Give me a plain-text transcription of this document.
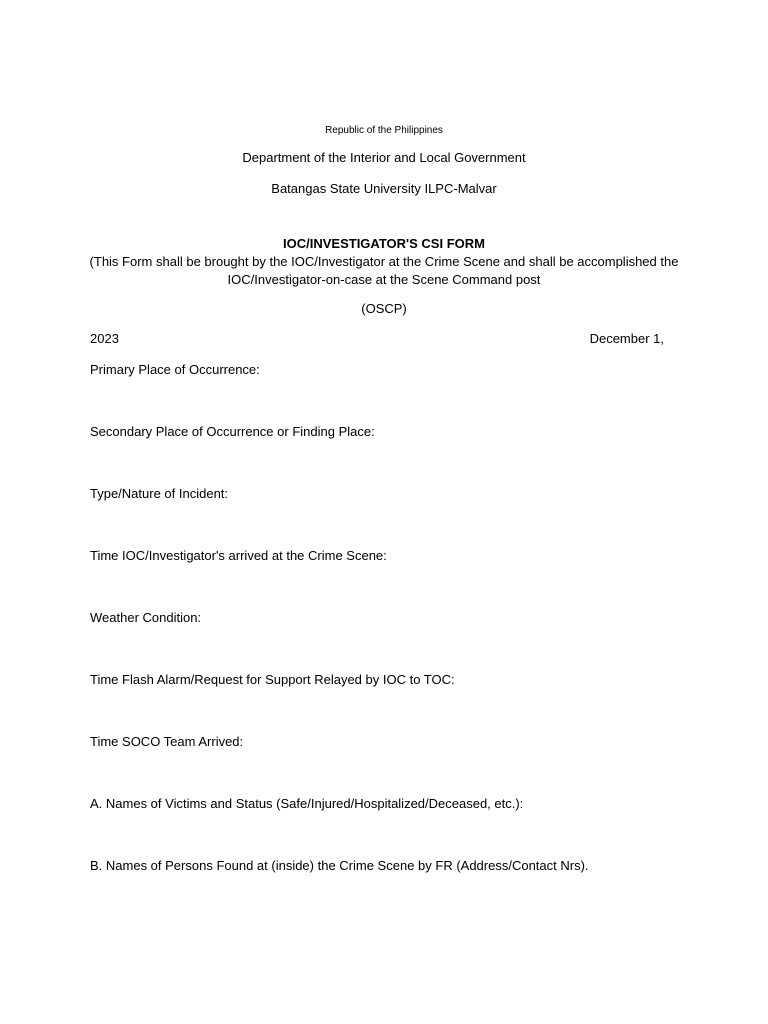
Republic of the Philippines
Department of the Interior and Local Government
Batangas State University ILPC-Malvar
IOC/INVESTIGATOR'S CSI FORM
(This Form shall be brought by the IOC/Investigator at the Crime Scene and shall be accomplished the
IOC/Investigator-on-case at the Scene Command post
(OSCP)
2023	December 1,
Primary Place of Occurrence:
Secondary Place of Occurrence or Finding Place:
Type/Nature of Incident:
Time IOC/Investigator's arrived at the Crime Scene:
Weather Condition:
Time Flash Alarm/Request for Support Relayed by IOC to TOC:
Time SOCO Team Arrived:
A. Names of Victims and Status (Safe/Injured/Hospitalized/Deceased, etc.):
B. Names of Persons Found at (inside) the Crime Scene by FR (Address/Contact Nrs).
